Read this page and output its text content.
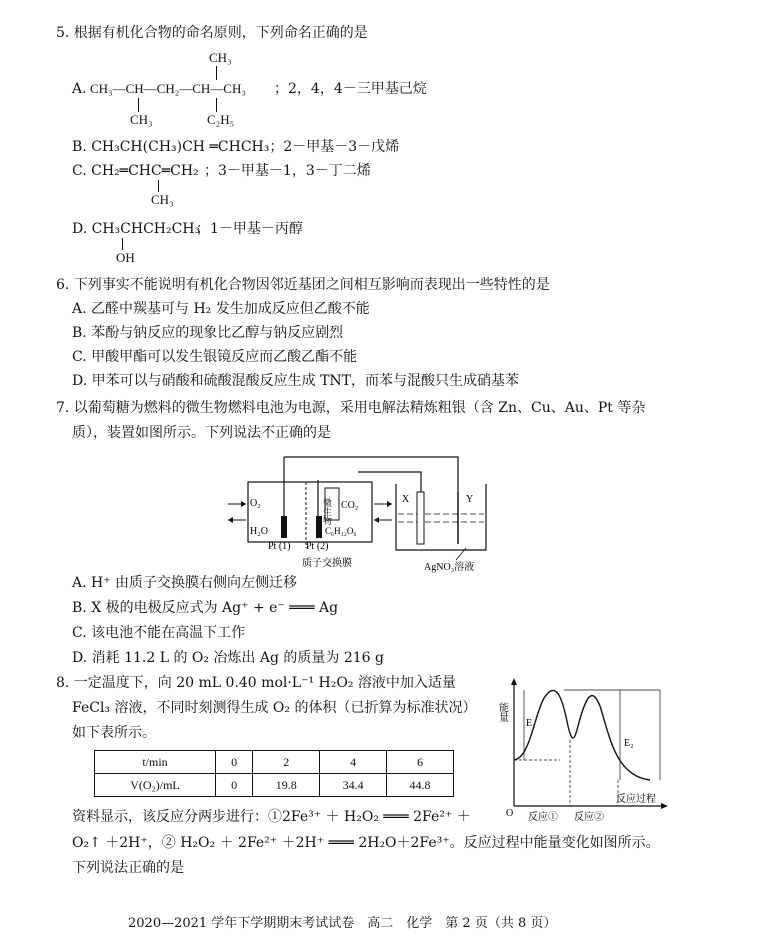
5. 根据有机化合物的命名原则，下列命名正确的是
CH₃
A. CH₃—CH—CH₂—CH—CH₃ ；2，4，4－三甲基己烷
CH₃	C₂H₅
B. CH₃CH(CH₃)CH ═CHCH₃；2－甲基－3－戊烯
C. CH₂═CHC═CH₂ ；3－甲基－1，3－丁二烯
CH₃
D. CH₃CHCH₂CH₃
；1－甲基－丙醇
OH
6. 下列事实不能说明有机化合物因邻近基团之间相互影响而表现出一些特性的是
A. 乙醛中羰基可与 H₂ 发生加成反应但乙酸不能
B. 苯酚与钠反应的现象比乙醇与钠反应剧烈
C. 甲酸甲酯可以发生银镜反应而乙酸乙酯不能
D. 甲苯可以与硝酸和硫酸混酸反应生成 TNT，而苯与混酸只生成硝基苯
7. 以葡萄糖为燃料的微生物燃料电池为电源，采用电解法精炼粗银（含 Zn、Cu、Au、Pt 等杂
质），装置如图所示。下列说法不正确的是
O₂
H₂O
Pt (1) Pt (2)
微生物 CO₂
C₆H₁₂O₆
质子交换膜
X	Y
AgNO₃溶液
A. H⁺ 由质子交换膜右侧向左侧迁移
B. X 极的电极反应式为 Ag⁺ + e⁻ ═══ Ag
C. 该电池不能在高温下工作
D. 消耗 11.2 L 的 O₂ 冶炼出 Ag 的质量为 216 g
8. 一定温度下，向 20 mL 0.40 mol·L⁻¹ H₂O₂ 溶液中加入适量
FeCl₃ 溶液，不同时刻测得生成 O₂ 的体积（已折算为标准状况）
如下表所示。
t/min	0	2	4	6
V(O₂)/mL	0	19.8	34.4	44.8
能量
E₁
E₂
O 反应① 反应②
反应过程
资料显示，该反应分两步进行：①2Fe³⁺ ＋ H₂O₂ ═══ 2Fe²⁺ ＋
O₂↑ ＋2H⁺，② H₂O₂ ＋ 2Fe²⁺ ＋2H⁺ ═══ 2H₂O＋2Fe³⁺。反应过程中能量变化如图所示。
下列说法正确的是
2020—2021 学年下学期期末考试试卷　高二　化学　第 2 页（共 8 页）
